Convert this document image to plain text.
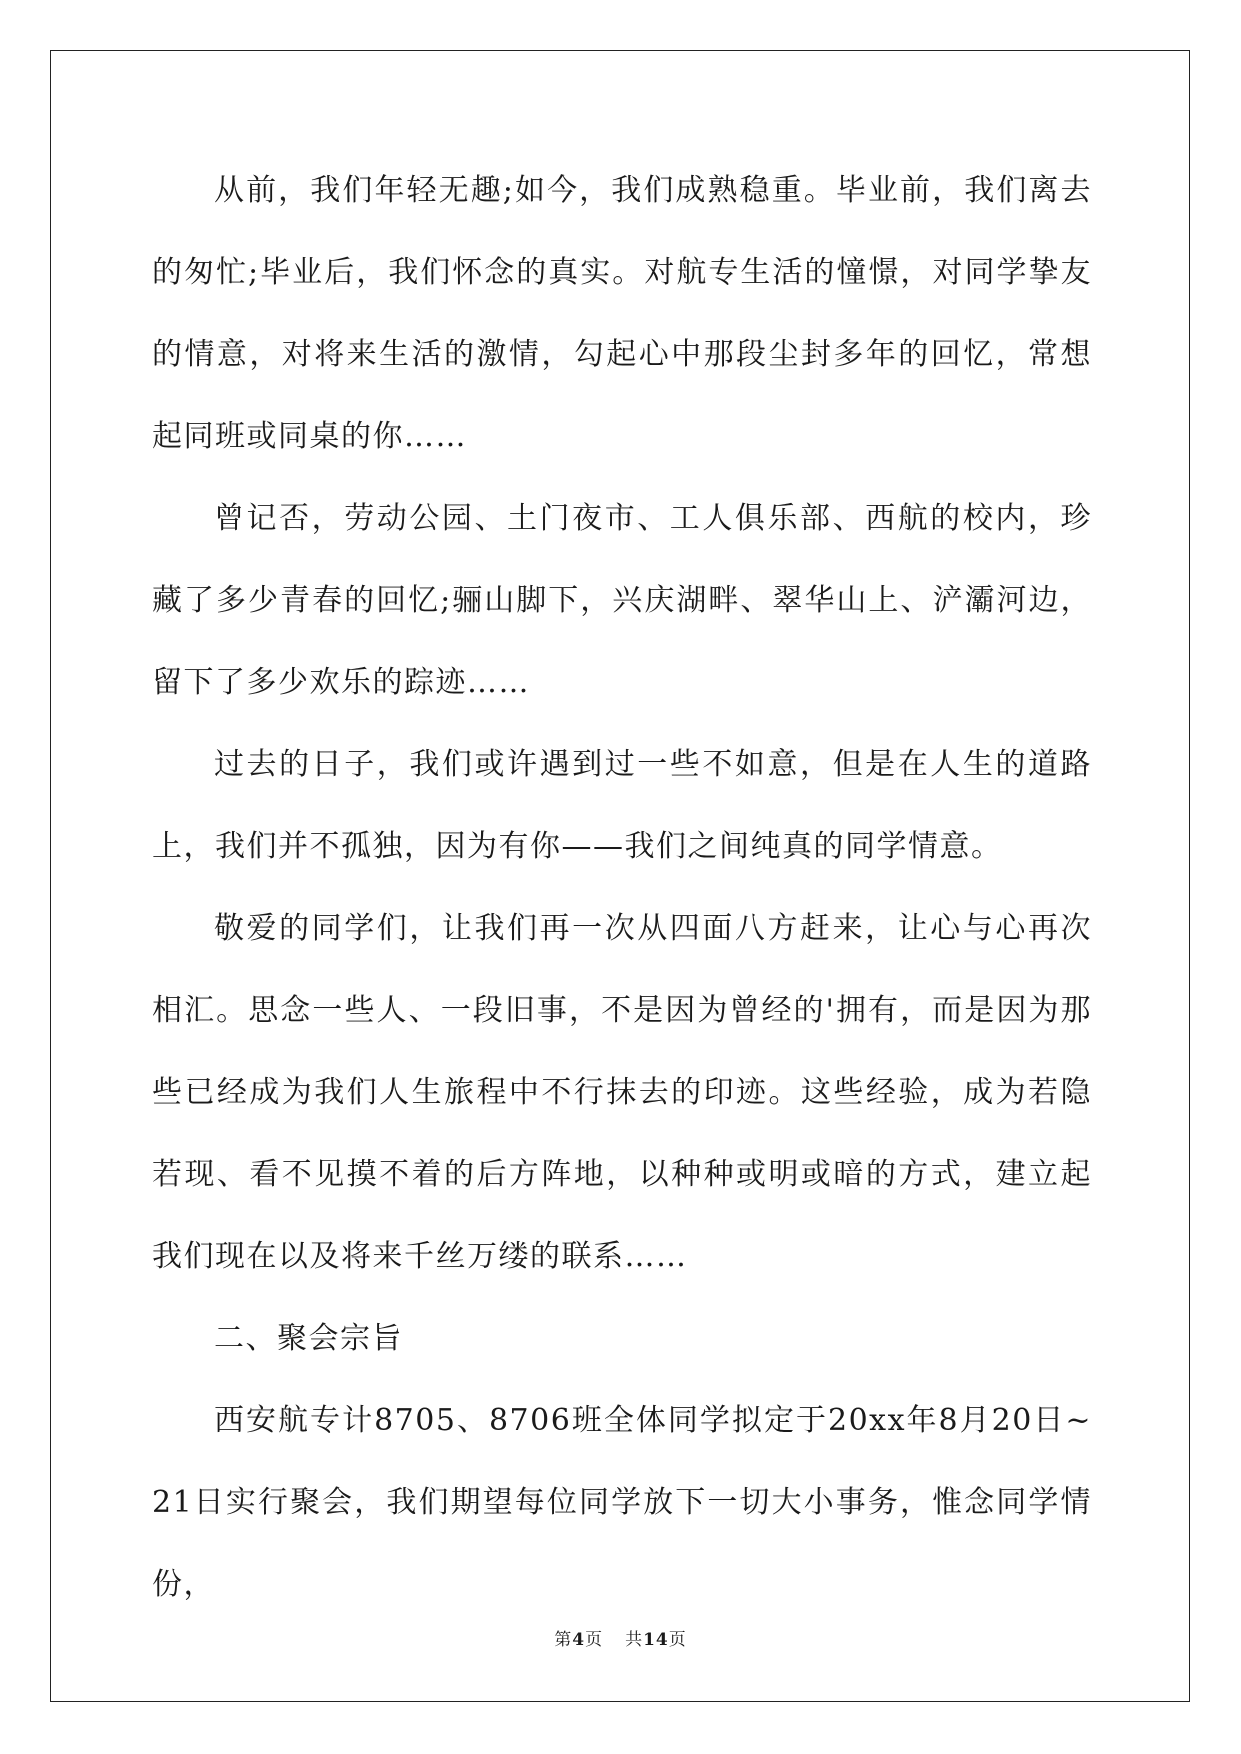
从前，我们年轻无趣;如今，我们成熟稳重。毕业前，我们离去的匆忙;毕业后，我们怀念的真实。对航专生活的憧憬，对同学挚友的情意，对将来生活的激情，勾起心中那段尘封多年的回忆，常想起同班或同桌的你……

曾记否，劳动公园、土门夜市、工人俱乐部、西航的校内，珍藏了多少青春的回忆;骊山脚下，兴庆湖畔、翠华山上、浐灞河边，留下了多少欢乐的踪迹……

过去的日子，我们或许遇到过一些不如意，但是在人生的道路上，我们并不孤独，因为有你——我们之间纯真的同学情意。

敬爱的同学们，让我们再一次从四面八方赶来，让心与心再次相汇。思念一些人、一段旧事，不是因为曾经的'拥有，而是因为那些已经成为我们人生旅程中不行抹去的印迹。这些经验，成为若隐若现、看不见摸不着的后方阵地，以种种或明或暗的方式，建立起我们现在以及将来千丝万缕的联系……

二、聚会宗旨

西安航专计8705、8706班全体同学拟定于20xx年8月20日~21日实行聚会，我们期望每位同学放下一切大小事务，惟念同学情份，

第4页 共14页
